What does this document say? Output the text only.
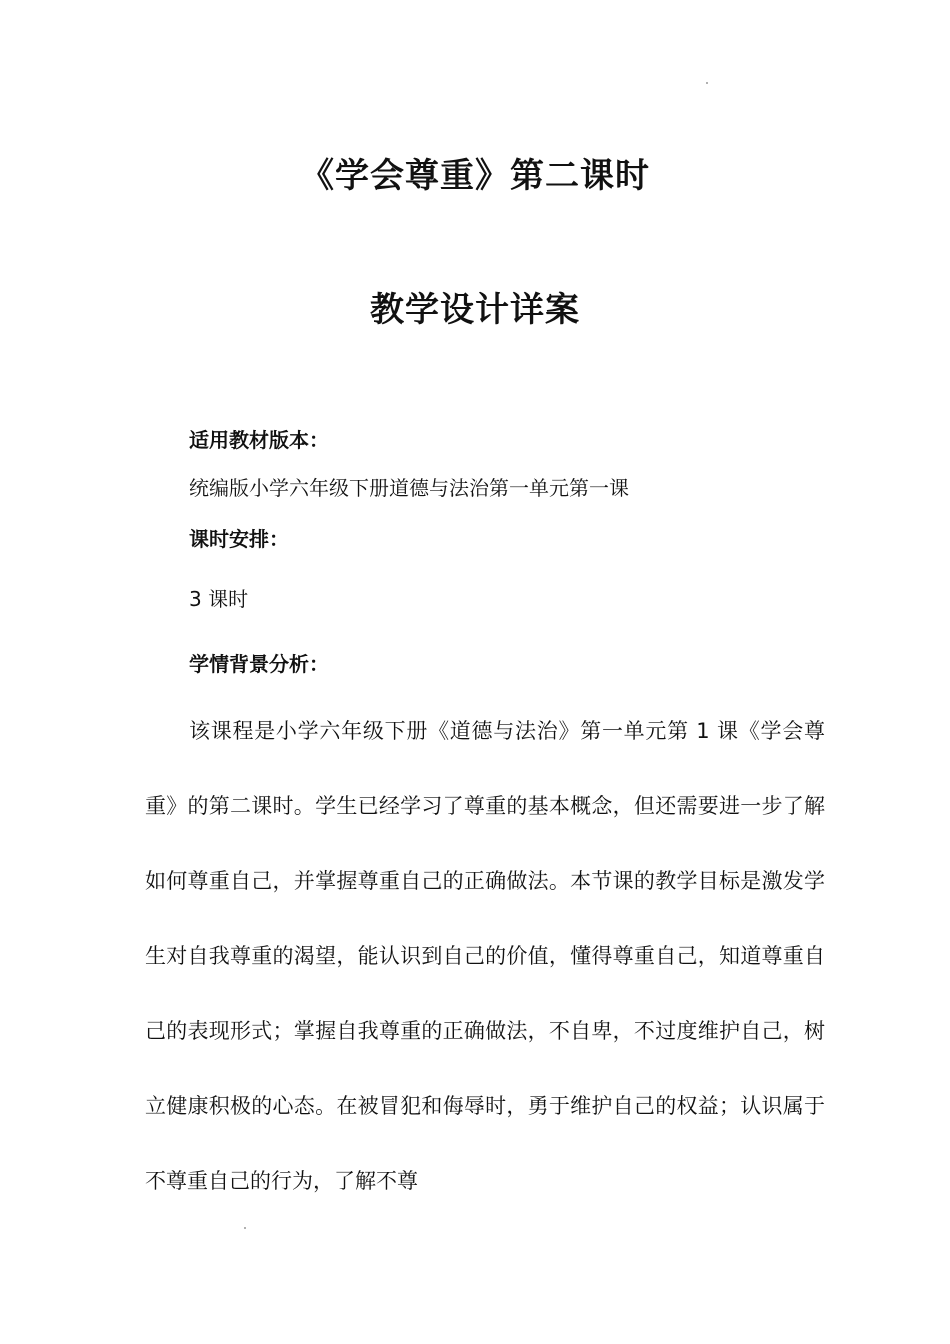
《学会尊重》第二课时
教学设计详案
适用教材版本：
统编版小学六年级下册道德与法治第一单元第一课
课时安排：
3 课时
学情背景分析：

该课程是小学六年级下册《道德与法治》第一单元第 1 课《学会尊重》的第二课时。学生已经学习了尊重的基本概念，但还需要进一步了解如何尊重自己，并掌握尊重自己的正确做法。本节课的教学目标是激发学生对自我尊重的渴望，能认识到自己的价值，懂得尊重自己，知道尊重自己的表现形式；掌握自我尊重的正确做法，不自卑，不过度维护自己，树立健康积极的心态。在被冒犯和侮辱时，勇于维护自己的权益；认识属于不尊重自己的行为，了解不尊
